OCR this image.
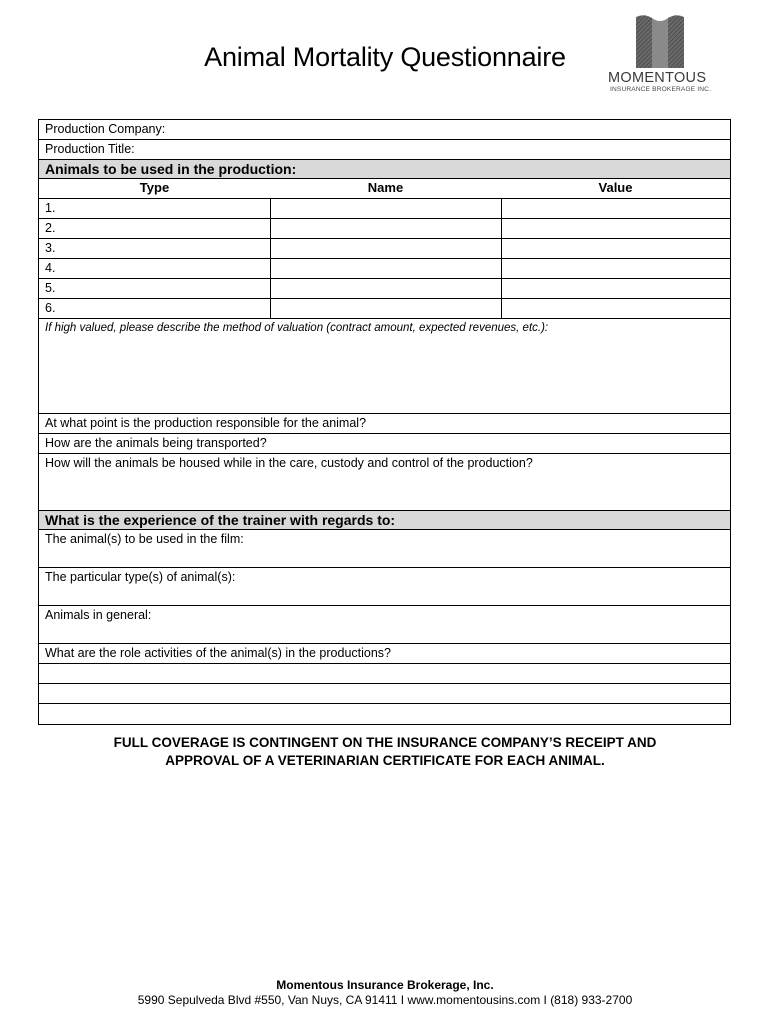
Animal Mortality Questionnaire
MOMENTOUS
INSURANCE BROKERAGE INC.
Production Company:
Production Title:
Animals to be used in the production:
Type	Name	Value
1.
2.
3.
4.
5.
6.
If high valued, please describe the method of valuation (contract amount, expected revenues, etc.):
At what point is the production responsible for the animal?
How are the animals being transported?
How will the animals be housed while in the care, custody and control of the production?
What is the experience of the trainer with regards to:
The animal(s) to be used in the film:
The particular type(s) of animal(s):
Animals in general:
What are the role activities of the animal(s) in the productions?
FULL COVERAGE IS CONTINGENT ON THE INSURANCE COMPANY’S RECEIPT AND
APPROVAL OF A VETERINARIAN CERTIFICATE FOR EACH ANIMAL.
Momentous Insurance Brokerage, Inc.
5990 Sepulveda Blvd #550, Van Nuys, CA 91411 I www.momentousins.com I (818) 933-2700
